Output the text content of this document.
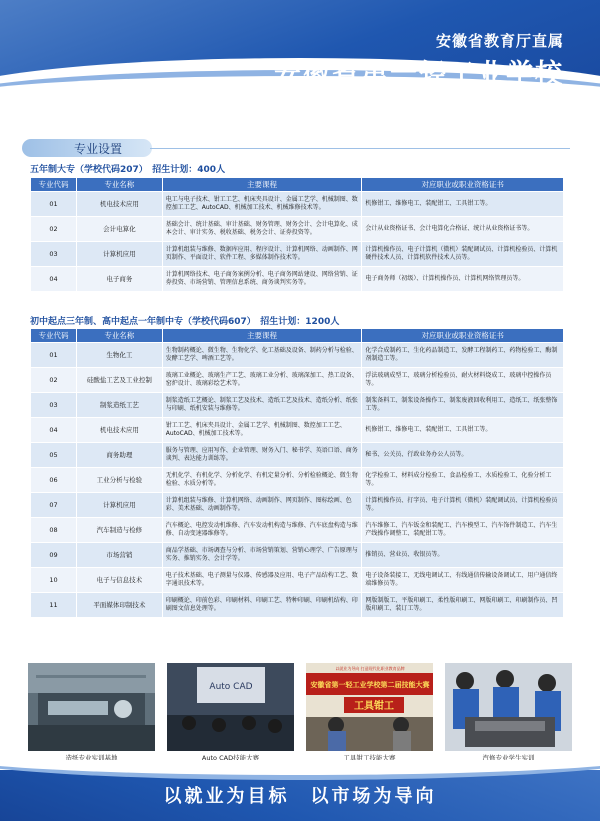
安徽省教育厅直属
安徽省第一轻工业学校
专业设置
五年制大专（学校代码207）　招生计划：400人
专业代码	专业名称	主要课程	对应职业或职业资格证书
01	机电技术应用	电工与电子技术、钳工工艺、机床夹具设计、金属工艺学、机械制图、数控加工工艺、AutoCAD、机械加工技术、机械维修技术等。	机修钳工、维修电工、装配钳工、工具钳工等。
02	会计电算化	基础会计、统计基础、审计基础、财务管理、财务会计、会计电算化、成本会计、审计实务、税收基础、税务会计、证券投资等。	会计从业资格证书、会计电算化合格证、统计从业资格证书等。
03	计算机应用	计算机组装与维修、数据库应用、程序设计、计算机网络、动画制作、网页制作、平面设计、软件工程、多媒体制作技术等。	计算机操作员、电子计算机（微机）装配调试员、计算机检验员、计算机硬件技术人员、计算机软件技术人员等。
04	电子商务	计算机网络技术、电子商务案例分析、电子商务网站建设、网络营销、证券投资、市场营销、管理信息系统、商务谈判实务等。	电子商务师（初级）、计算机操作员、计算机网络管理员等。
初中起点三年制、高中起点一年制中专（学校代码607）　招生计划：1200人
专业代码	专业名称	主要课程	对应职业或职业资格证书
01	生物化工	生物制药概论、微生物、生物化学、化工基础及设备、制药分析与检验、发酵工艺学、啤酒工艺等。	化学合成制药工、生化药品制造工、发酵工程制药工、药物检验工、酶制剂制造工等。
02	硅酸盐工艺及工业控制	玻璃工业概论、玻璃生产工艺、玻璃工业分析、玻璃深加工、热工设备、窑炉设计、玻璃彩绘艺术等。	浮法玻璃成型工、玻璃分析检验员、耐火材料烧成工、玻璃中控操作员等。
03	制浆造纸工艺	制浆造纸工艺概论、制浆工艺及技术、造纸工艺及技术、造纸分析、纸张与印刷、纸机安装与维修等。	制浆备料工、制浆设备操作工、制浆废液回收利用工、造纸工、纸张整饰工等。
04	机电技术应用	钳工工艺、机床夹具设计、金属工艺学、机械制图、数控加工工艺、AutoCAD、机械加工技术等。	机修钳工、维修电工、装配钳工、工具钳工等。
05	商务助理	服务与管理、应用写作、企业管理、财务入门、秘书学、英语口语、商务谈判、表达能力训练等。	秘书、公关员、行政业务办公人员等。
06	工业分析与检验	无机化学、有机化学、分析化学、有机定量分析、分析检验概论、微生物检验、水质分析等。	化学检验工、材料成分检验工、食品检验工、水质检验工、化验分析工等。
07	计算机应用	计算机组装与维修、计算机网络、动画制作、网页制作、图标绘画、色彩、美术基础、动画制作等。	计算机操作员、打字员、电子计算机（微机）装配调试员、计算机检验员等。
08	汽车制造与检修	汽车概论、电控发动机维修、汽车发动机构造与维修、汽车底盘构造与维修、自动变速器维修等。	汽车维修工、汽车钣金和装配工、汽车模型工、汽车饰件制造工、汽车生产线操作调整工、装配钳工等。
09	市场营销	商品学基础、市场调查与分析、市场营销策划、营销心理学、广告原理与实务、推销实务、会计学等。	推销员、营业员、收银员等。
10	电子与信息技术	电子技术基础、电子测量与仪器、传感器及应用、电子产品结构工艺、数字通讯技术等。	电子设备装接工、无线电调试工、有线通信传输设备调试工、用户通信终端维修员等。
11	平面媒体印制技术	印刷概论、印前色彩、印刷材料、印刷工艺、特种印刷、印刷机结构、印刷图文信息处理等。	网版制版工、平版印刷工、柔性版印刷工、网版印刷工、印刷制作员、凹版印刷工、装订工等。
造纸专业实训基地
Auto CAD
Auto CAD技能大赛
以就业为导向 打造现代化职业教育品牌
安徽省第一轻工业学校第二届技能大赛
工具钳工
工具钳工技能大赛	汽修专业学生实训
以就业为目标　以市场为导向
